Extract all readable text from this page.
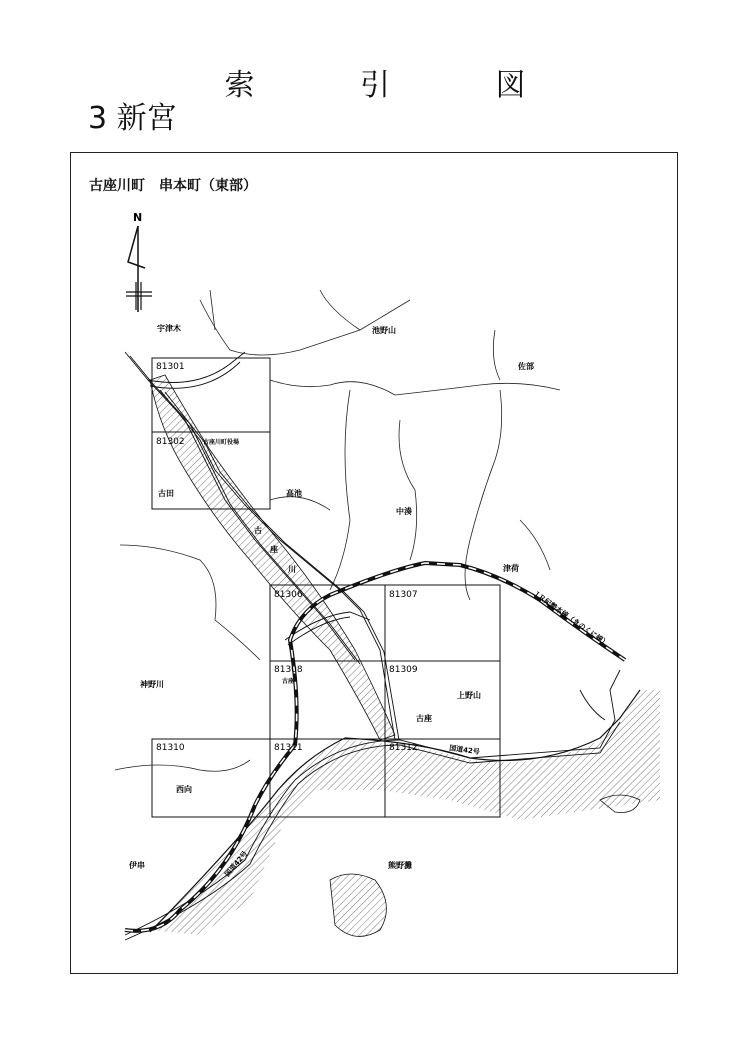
索	引	図
3 新宮
古座川町　串本町（東部）
N
81301
81302
81306	81307
81308	81309
81310	81311	81312
宇津木	池野山
佐部
古座川町役場
古田	高池
中湊
古
座
川	津荷
ＪＲ紀勢本線（きのくに線）
神野川
上野山
古座
古座
国道42号
西向
伊串	国道42号	熊野灘
